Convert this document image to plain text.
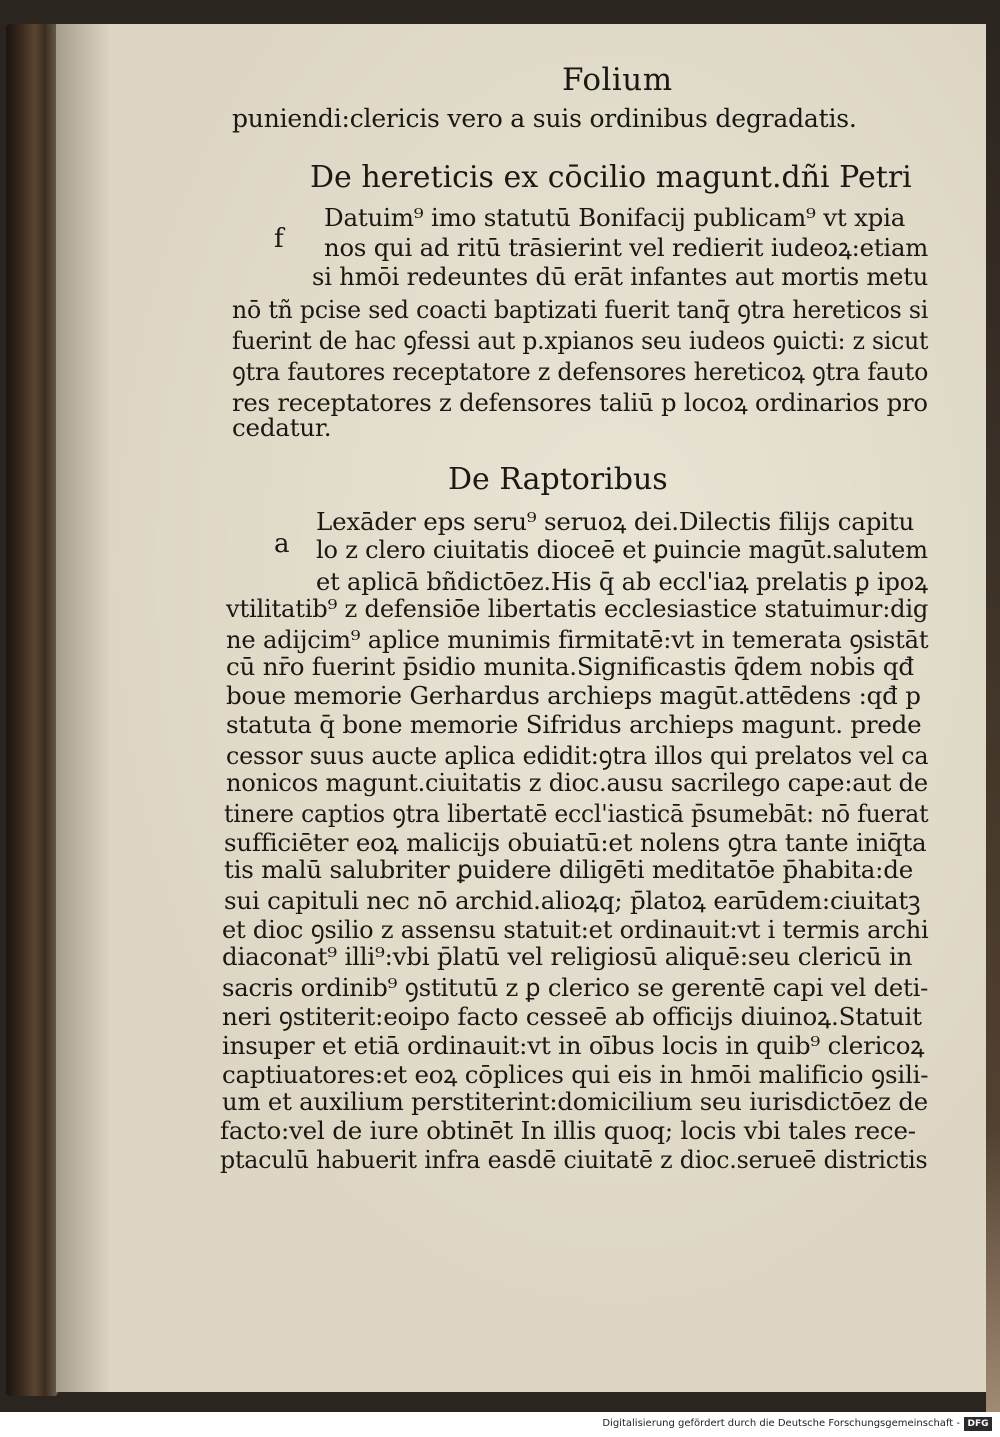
Folium
puniendi:clericis vero a suis ordinibus degradatis.
De hereticis ex cōcilio magunt.dñi Petri
f
Datuim⁹ imo statutū Bonifacij publicam⁹ vt xpia
nos qui ad ritū trāsierint vel redierit iudeoꝝ:etiam
si hmōi redeuntes dū erāt infantes aut mortis metu
nō tñ pcise sed coacti baptizati fuerit tanq̄ ꝯtra hereticos si
fuerint de hac ꝯfessi aut p.xpianos seu iudeos ꝯuicti: z sicut
ꝯtra fautores receptatore z defensores hereticoꝝ ꝯtra fauto
res receptatores z defensores taliū p locoꝝ ordinarios pro
cedatur.
De Raptoribus
a
Lexāder eps seru⁹ seruoꝝ dei.Dilectis filijs capitu
lo z clero ciuitatis dioceē et ꝑuincie magūt.salutem
et aplicā bñdictōez.His q̄ ab eccl'iaꝝ prelatis ꝑ ipoꝝ
vtilitatib⁹ z defensiōe libertatis ecclesiastice statuimur:dig
ne adijcim⁹ aplice munimis firmitatē:vt in temerata ꝯsistāt
cū nr̄o fuerint p̄sidio munita.Significastis q̄dem nobis qđ
boue memorie Gerhardus archieps magūt.attēdens :qđ p
statuta q̄ bone memorie Sifridus archieps magunt. prede
cessor suus aucte aplica edidit:ꝯtra illos qui prelatos vel ca
nonicos magunt.ciuitatis z dioc.ausu sacrilego cape:aut de
tinere captios ꝯtra libertatē eccl'iasticā p̄sumebāt: nō fuerat
sufficiēter eoꝝ malicijs obuiatū:et nolens ꝯtra tante iniq̄ta
tis malū salubriter ꝑuidere diligēti meditatōe p̄habita:de
sui capituli nec nō archid.alioꝝq; p̄latoꝝ earūdem:ciuitatꝫ
et dioc ꝯsilio z assensu statuit:et ordinauit:vt i termis archi
diaconat⁹ illi⁹:vbi p̄latū vel religiosū aliquē:seu clericū in
sacris ordinib⁹ ꝯstitutū z ꝑ clerico se gerentē capi vel deti-
neri ꝯstiterit:eoipo facto cesseē ab officijs diuinoꝝ.Statuit
insuper et etiā ordinauit:vt in oībus locis in quib⁹ clericoꝝ
captiuatores:et eoꝝ cōplices qui eis in hmōi malificio ꝯsili-
um et auxilium perstiterint:domicilium seu iurisdictōez de
facto:vel de iure obtinēt In illis quoq; locis vbi tales rece-
ptaculū habuerit infra easdē ciuitatē z dioc.serueē districtis
Digitalisierung gefördert durch die Deutsche Forschungsgemeinschaft - DFG
